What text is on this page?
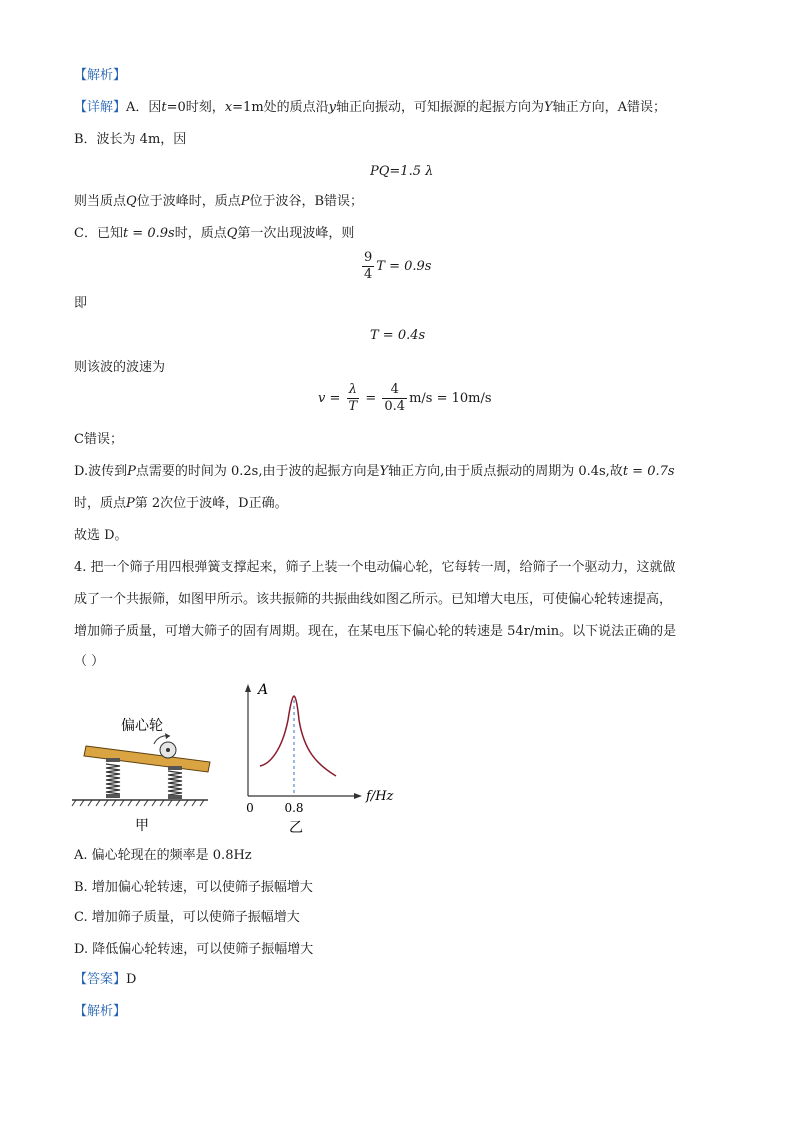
【解析】
【详解】A．因t=0时刻，x=1m处的质点沿y轴正向振动，可知振源的起振方向为Y轴正方向，A错误；
B．波长为 4m，因
PQ=1.5 λ
则当质点Q位于波峰时，质点P位于波谷，B错误；
C．已知t = 0.9s时，质点Q第一次出现波峰，则
$\frac{9}{4}$ T = 0.9s
即
T = 0.4s
则该波的波速为
$v = \frac{\lambda}{T} = \frac{4}{0.4} m/s = 10m/s$
C错误；
D.波传到P点需要的时间为 0.2s,由于波的起振方向是Y轴正方向,由于质点振动的周期为 0.4s,故t = 0.7s
时，质点P第 2次位于波峰，D正确。
故选 D。
4. 把一个筛子用四根弹簧支撑起来，筛子上装一个电动偏心轮，它每转一周，给筛子一个驱动力，这就做
成了一个共振筛，如图甲所示。该共振筛的共振曲线如图乙所示。已知增大电压，可使偏心轮转速提高，
增加筛子质量，可增大筛子的固有周期。现在，在某电压下偏心轮的转速是 54r/min。以下说法正确的是
（ ）
偏心轮
甲
A
f/Hz
0	0.8
乙
A. 偏心轮现在的频率是 0.8Hz
B. 增加偏心轮转速，可以使筛子振幅增大
C. 增加筛子质量，可以使筛子振幅增大
D. 降低偏心轮转速，可以使筛子振幅增大
【答案】D
【解析】
